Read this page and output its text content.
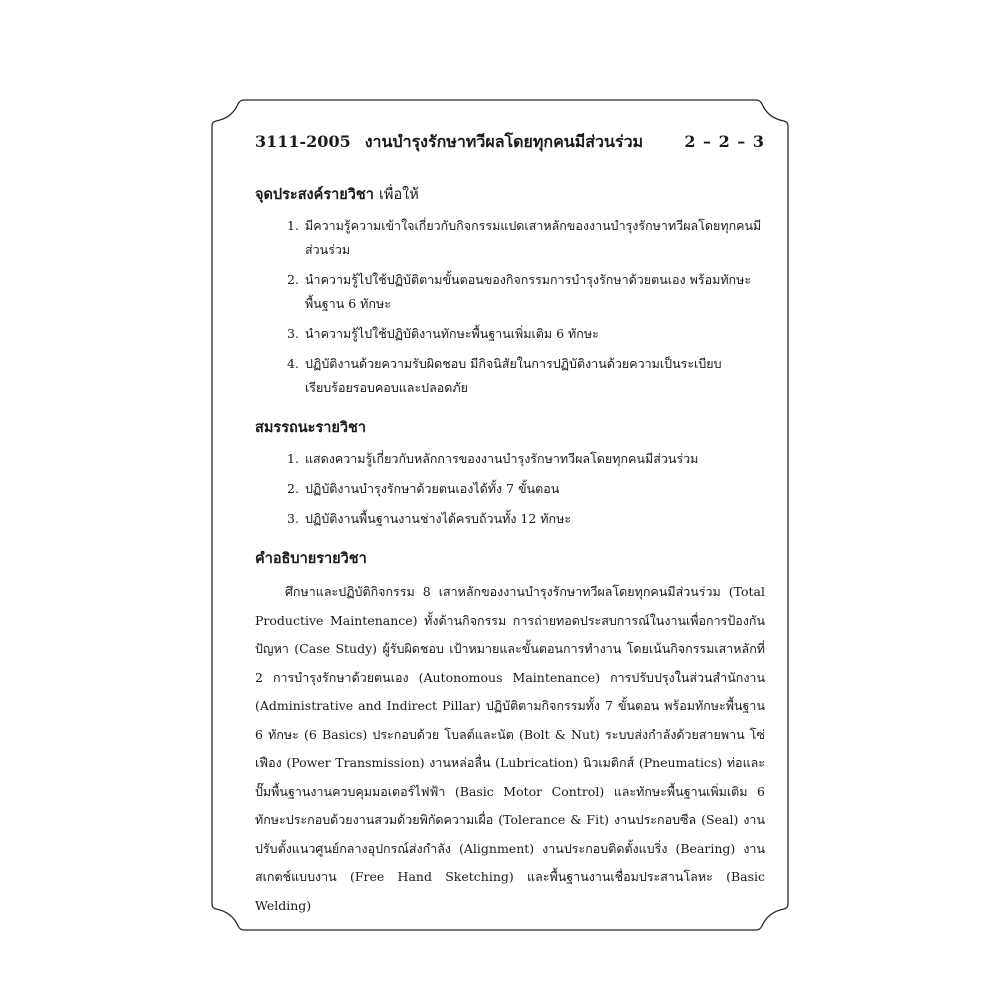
3111-2005 งานบำรุงรักษาทวีผลโดยทุกคนมีส่วนร่วม	2 – 2 – 3
จุดประสงค์รายวิชา เพื่อให้
1. มีความรู้ความเข้าใจเกี่ยวกับกิจกรรมแปดเสาหลักของงานบำรุงรักษาทวีผลโดยทุกคนมีส่วนร่วม
2. นำความรู้ไปใช้ปฏิบัติตามขั้นตอนของกิจกรรมการบำรุงรักษาด้วยตนเอง พร้อมทักษะพื้นฐาน 6 ทักษะ
3. นำความรู้ไปใช้ปฏิบัติงานทักษะพื้นฐานเพิ่มเติม 6 ทักษะ
4. ปฏิบัติงานด้วยความรับผิดชอบ มีกิจนิสัยในการปฏิบัติงานด้วยความเป็นระเบียบเรียบร้อยรอบคอบและปลอดภัย
สมรรถนะรายวิชา
1. แสดงความรู้เกี่ยวกับหลักการของงานบำรุงรักษาทวีผลโดยทุกคนมีส่วนร่วม
2. ปฏิบัติงานบำรุงรักษาด้วยตนเองได้ทั้ง 7 ขั้นตอน
3. ปฏิบัติงานพื้นฐานงานช่างได้ครบถ้วนทั้ง 12 ทักษะ
คำอธิบายรายวิชา

ศึกษาและปฏิบัติกิจกรรม 8 เสาหลักของงานบำรุงรักษาทวีผลโดยทุกคนมีส่วนร่วม (Total Productive Maintenance) ทั้งด้านกิจกรรม การถ่ายทอดประสบการณ์ในงานเพื่อการป้องกันปัญหา (Case Study) ผู้รับผิดชอบ เป้าหมายและขั้นตอนการทำงาน โดยเน้นกิจกรรมเสาหลักที่ 2 การบำรุงรักษาด้วยตนเอง (Autonomous Maintenance) การปรับปรุงในส่วนสำนักงาน (Administrative and Indirect Pillar) ปฏิบัติตามกิจกรรมทั้ง 7 ขั้นตอน พร้อมทักษะพื้นฐาน 6 ทักษะ (6 Basics) ประกอบด้วย โบลต์และนัต (Bolt & Nut) ระบบส่งกำลังด้วยสายพาน โซ่เฟือง (Power Transmission) งานหล่อลื่น (Lubrication) นิวเมติกส์ (Pneumatics) ท่อและปั๊มพื้นฐานงานควบคุมมอเตอร์ไฟฟ้า (Basic Motor Control) และทักษะพื้นฐานเพิ่มเติม 6 ทักษะประกอบด้วยงานสวมด้วยพิกัดความเผื่อ (Tolerance & Fit) งานประกอบซีล (Seal) งานปรับตั้งแนวศูนย์กลางอุปกรณ์ส่งกำลัง (Alignment) งานประกอบติดตั้งแบริ่ง (Bearing) งานสเกตช์แบบงาน (Free Hand Sketching) และพื้นฐานงานเชื่อมประสานโลหะ (Basic Welding)
